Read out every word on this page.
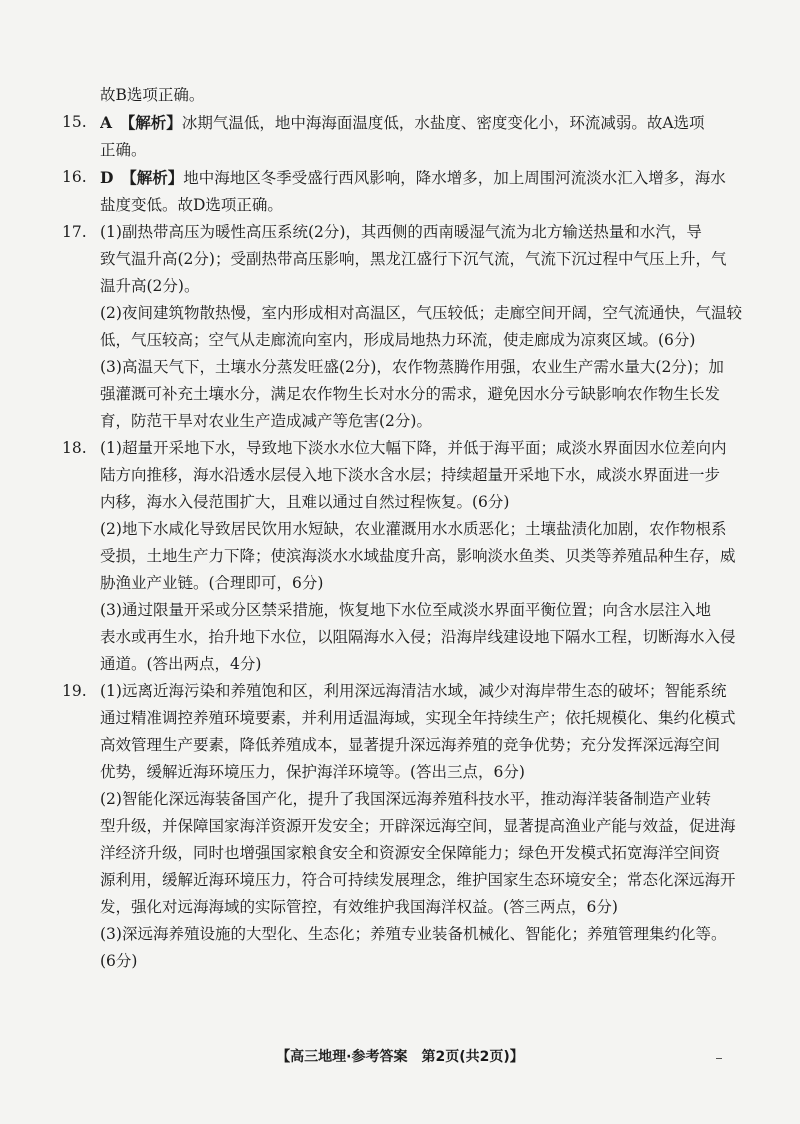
故B选项正确。
15. A　 【解析】冰期气温低，地中海海面温度低，水盐度、密度变化小，环流减弱。故A选项
正确。
16. D　 【解析】地中海地区冬季受盛行西风影响，降水增多，加上周围河流淡水汇入增多，海水
盐度变低。故D选项正确。
17. (1)副热带高压为暖性高压系统(2分)，其西侧的西南暖湿气流为北方输送热量和水汽，导
致气温升高(2分)；受副热带高压影响，黑龙江盛行下沉气流，气流下沉过程中气压上升，气
温升高(2分)。
(2)夜间建筑物散热慢，室内形成相对高温区，气压较低；走廊空间开阔，空气流通快，气温较
低，气压较高；空气从走廊流向室内，形成局地热力环流，使走廊成为凉爽区域。(6分)
(3)高温天气下，土壤水分蒸发旺盛(2分)，农作物蒸腾作用强，农业生产需水量大(2分)；加
强灌溉可补充土壤水分，满足农作物生长对水分的需求，避免因水分亏缺影响农作物生长发
育，防范干旱对农业生产造成减产等危害(2分)。
18. (1)超量开采地下水，导致地下淡水水位大幅下降，并低于海平面；咸淡水界面因水位差向内
陆方向推移，海水沿透水层侵入地下淡水含水层；持续超量开采地下水，咸淡水界面进一步
内移，海水入侵范围扩大，且难以通过自然过程恢复。(6分)
(2)地下水咸化导致居民饮用水短缺，农业灌溉用水水质恶化；土壤盐渍化加剧，农作物根系
受损，土地生产力下降；使滨海淡水水域盐度升高，影响淡水鱼类、贝类等养殖品种生存，威
胁渔业产业链。(合理即可，6分)
(3)通过限量开采或分区禁采措施，恢复地下水位至咸淡水界面平衡位置；向含水层注入地
表水或再生水，抬升地下水位，以阻隔海水入侵；沿海岸线建设地下隔水工程，切断海水入侵
通道。(答出两点，4分)
19. (1)远离近海污染和养殖饱和区，利用深远海清洁水域，减少对海岸带生态的破坏；智能系统
通过精准调控养殖环境要素，并利用适温海域，实现全年持续生产；依托规模化、集约化模式
高效管理生产要素，降低养殖成本，显著提升深远海养殖的竞争优势；充分发挥深远海空间
优势，缓解近海环境压力，保护海洋环境等。(答出三点，6分)
(2)智能化深远海装备国产化，提升了我国深远海养殖科技水平，推动海洋装备制造产业转
型升级，并保障国家海洋资源开发安全；开辟深远海空间，显著提高渔业产能与效益，促进海
洋经济升级，同时也增强国家粮食安全和资源安全保障能力；绿色开发模式拓宽海洋空间资
源利用，缓解近海环境压力，符合可持续发展理念，维护国家生态环境安全；常态化深远海开
发，强化对远海海域的实际管控，有效维护我国海洋权益。(答三两点，6分)
(3)深远海养殖设施的大型化、生态化；养殖专业装备机械化、智能化；养殖管理集约化等。
(6分)
【高三地理·参考答案　第2页(共2页)】
